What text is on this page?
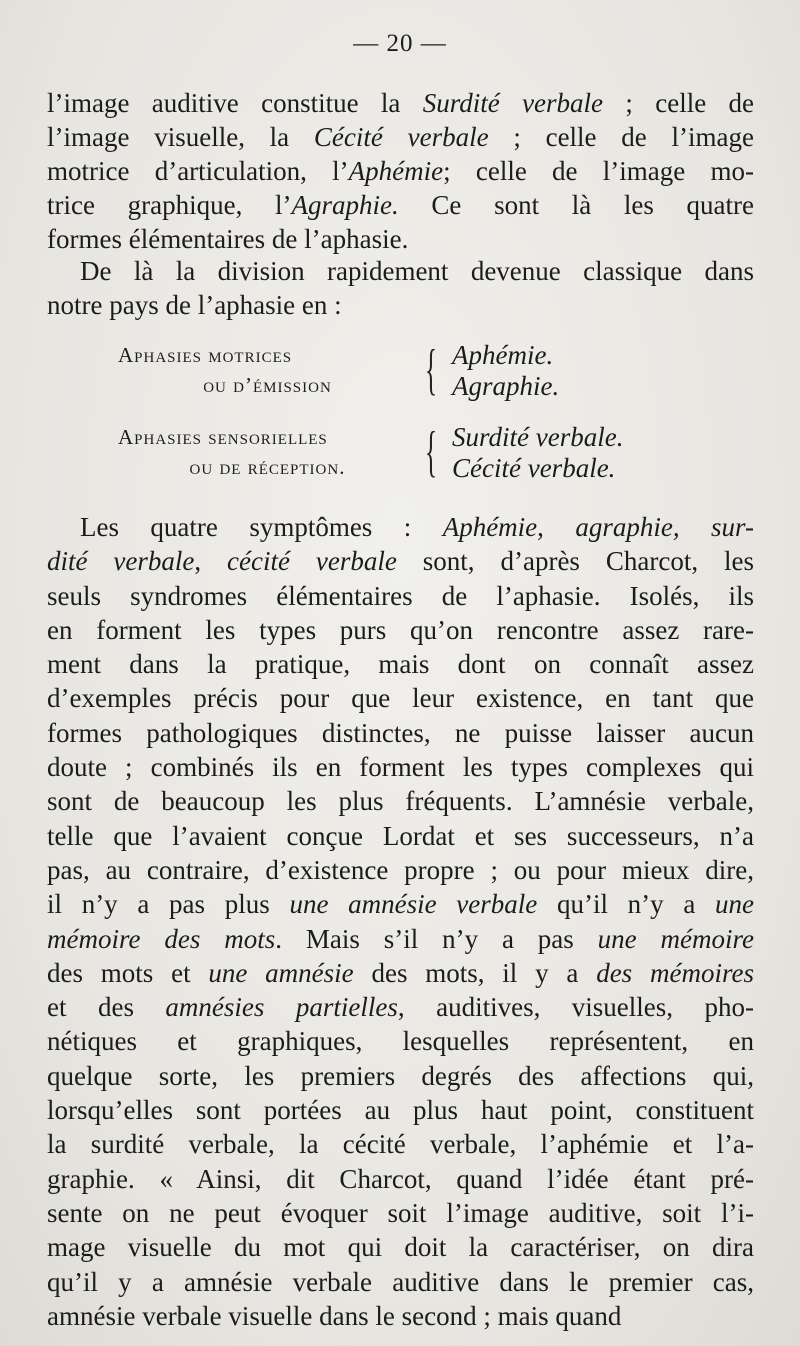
— 20 —
l’image auditive constitue la Surdité verbale ; celle de
l’image visuelle, la Cécité verbale ; celle de l’image
motrice d’articulation, l’Aphémie; celle de l’image mo-
trice graphique, l’Agraphie. Ce sont là les quatre
formes élémentaires de l’aphasie.
De là la division rapidement devenue classique dans
notre pays de l’aphasie en :
Aphasies motrices
ou d’émission	{ Aphémie.
Agraphie.
Aphasies sensorielles
ou de réception.	{ Surdité verbale.
Cécité verbale.
Les quatre symptômes : Aphémie, agraphie, sur-
dité verbale, cécité verbale sont, d’après Charcot, les
seuls syndromes élémentaires de l’aphasie. Isolés, ils
en forment les types purs qu’on rencontre assez rare-
ment dans la pratique, mais dont on connaît assez
d’exemples précis pour que leur existence, en tant que
formes pathologiques distinctes, ne puisse laisser aucun
doute ; combinés ils en forment les types complexes qui
sont de beaucoup les plus fréquents. L’amnésie verbale,
telle que l’avaient conçue Lordat et ses successeurs, n’a
pas, au contraire, d’existence propre ; ou pour mieux dire,
il n’y a pas plus une amnésie verbale qu’il n’y a une
mémoire des mots. Mais s’il n’y a pas une mémoire
des mots et une amnésie des mots, il y a des mémoires
et des amnésies partielles, auditives, visuelles, pho-
nétiques et graphiques, lesquelles représentent, en
quelque sorte, les premiers degrés des affections qui,
lorsqu’elles sont portées au plus haut point, constituent
la surdité verbale, la cécité verbale, l’aphémie et l’a-
graphie. « Ainsi, dit Charcot, quand l’idée étant pré-
sente on ne peut évoquer soit l’image auditive, soit l’i-
mage visuelle du mot qui doit la caractériser, on dira
qu’il y a amnésie verbale auditive dans le premier cas,
amnésie verbale visuelle dans le second ; mais quand
